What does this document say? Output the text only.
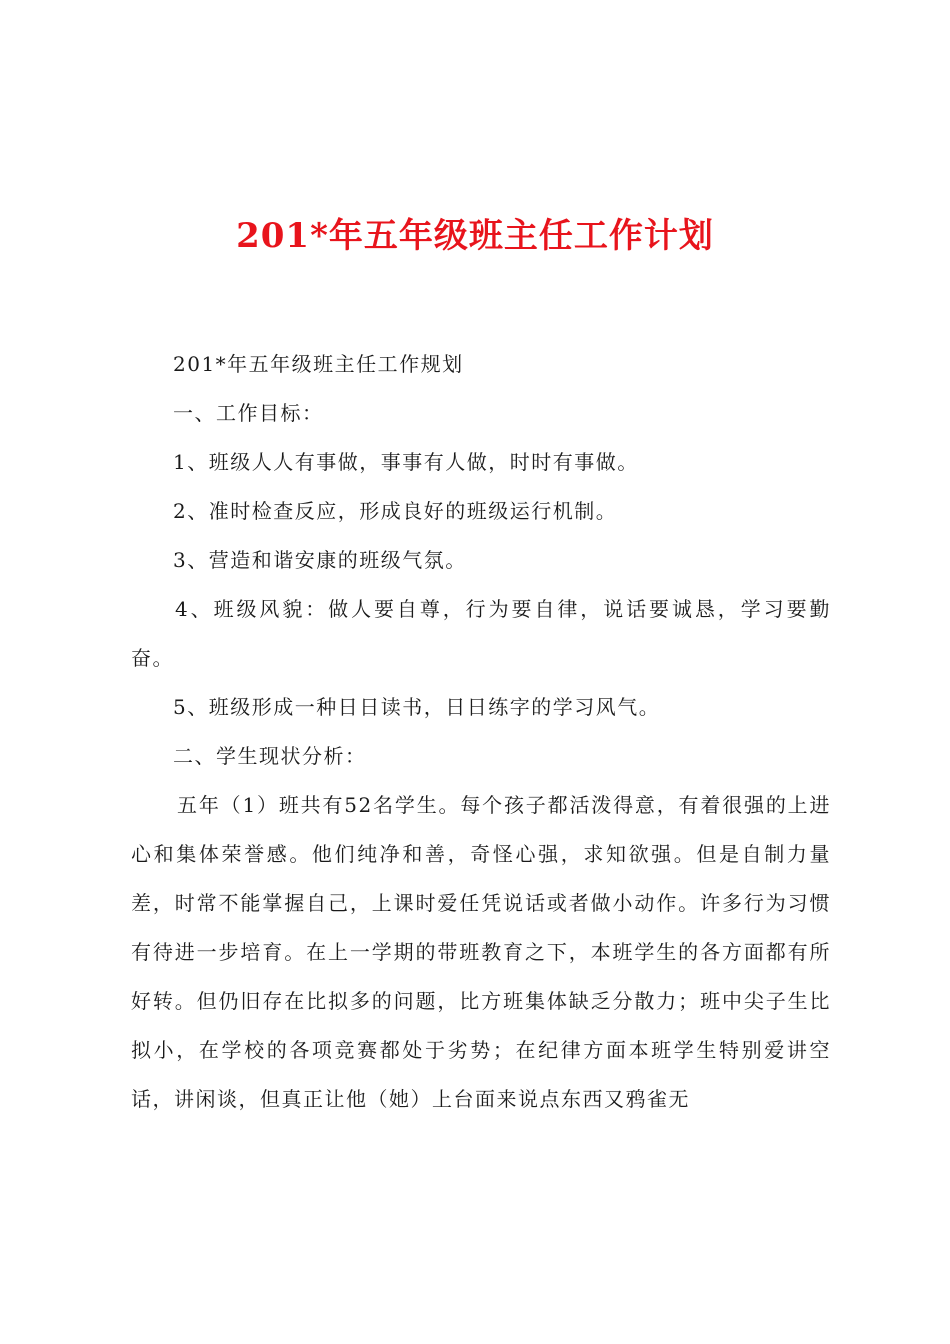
201*年五年级班主任工作计划

201*年五年级班主任工作规划

一、工作目标：

1、班级人人有事做，事事有人做，时时有事做。

2、准时检查反应，形成良好的班级运行机制。

3、营造和谐安康的班级气氛。

4、班级风貌：做人要自尊，行为要自律，说话要诚恳，学习要勤奋。

5、班级形成一种日日读书，日日练字的学习风气。

二、学生现状分析：

五年（1）班共有52名学生。每个孩子都活泼得意，有着很强的上进心和集体荣誉感。他们纯净和善，奇怪心强，求知欲强。但是自制力量差，时常不能掌握自己，上课时爱任凭说话或者做小动作。许多行为习惯有待进一步培育。在上一学期的带班教育之下，本班学生的各方面都有所好转。但仍旧存在比拟多的问题，比方班集体缺乏分散力；班中尖子生比拟小，在学校的各项竞赛都处于劣势；在纪律方面本班学生特别爱讲空话，讲闲谈，但真正让他（她）上台面来说点东西又鸦雀无
